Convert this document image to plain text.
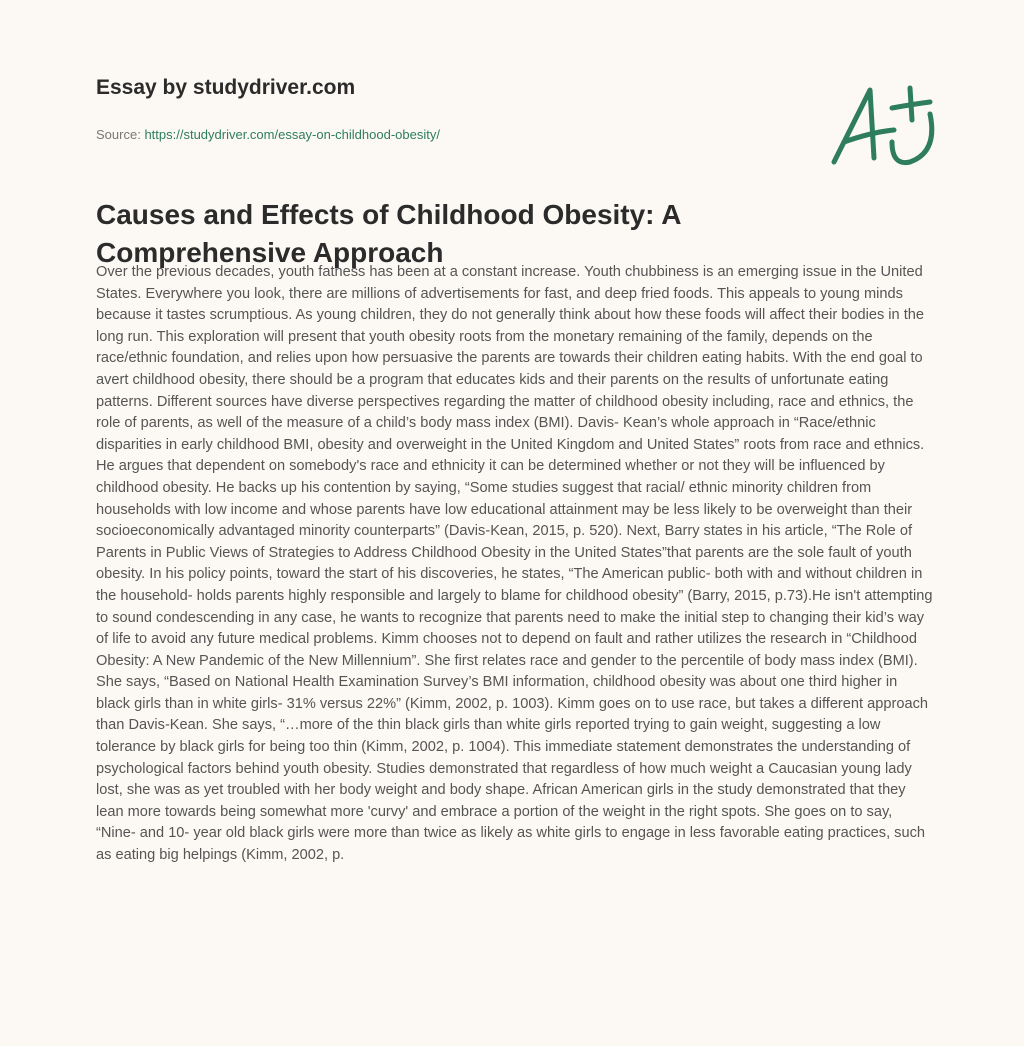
Essay by studydriver.com
Source: https://studydriver.com/essay-on-childhood-obesity/
Causes and Effects of Childhood Obesity: A Comprehensive Approach

Over the previous decades, youth fatness has been at a constant increase. Youth chubbiness is an emerging issue in the United States. Everywhere you look, there are millions of advertisements for fast, and deep fried foods. This appeals to young minds because it tastes scrumptious. As young children, they do not generally think about how these foods will affect their bodies in the long run. This exploration will present that youth obesity roots from the monetary remaining of the family, depends on the race/ethnic foundation, and relies upon how persuasive the parents are towards their children eating habits. With the end goal to avert childhood obesity, there should be a program that educates kids and their parents on the results of unfortunate eating patterns. Different sources have diverse perspectives regarding the matter of childhood obesity including, race and ethnics, the role of parents, as well of the measure of a child’s body mass index (BMI). Davis- Kean’s whole approach in “Race/ethnic disparities in early childhood BMI, obesity and overweight in the United Kingdom and United States” roots from race and ethnics. He argues that dependent on somebody's race and ethnicity it can be determined whether or not they will be influenced by childhood obesity. He backs up his contention by saying, “Some studies suggest that racial/ ethnic minority children from households with low income and whose parents have low educational attainment may be less likely to be overweight than their socioeconomically advantaged minority counterparts” (Davis-Kean, 2015, p. 520). Next, Barry states in his article, “The Role of Parents in Public Views of Strategies to Address Childhood Obesity in the United States”that parents are the sole fault of youth obesity. In his policy points, toward the start of his discoveries, he states, “The American public- both with and without children in the household- holds parents highly responsible and largely to blame for childhood obesity” (Barry, 2015, p.73).He isn't attempting to sound condescending in any case, he wants to recognize that parents need to make the initial step to changing their kid’s way of life to avoid any future medical problems. Kimm chooses not to depend on fault and rather utilizes the research in “Childhood Obesity: A New Pandemic of the New Millennium”. She first relates race and gender to the percentile of body mass index (BMI). She says, “Based on National Health Examination Survey’s BMI information, childhood obesity was about one third higher in black girls than in white girls- 31% versus 22%” (Kimm, 2002, p. 1003). Kimm goes on to use race, but takes a different approach than Davis-Kean. She says, “…more of the thin black girls than white girls reported trying to gain weight, suggesting a low tolerance by black girls for being too thin (Kimm, 2002, p. 1004). This immediate statement demonstrates the understanding of psychological factors behind youth obesity. Studies demonstrated that regardless of how much weight a Caucasian young lady lost, she was as yet troubled with her body weight and body shape. African American girls in the study demonstrated that they lean more towards being somewhat more 'curvy' and embrace a portion of the weight in the right spots. She goes on to say, “Nine- and 10- year old black girls were more than twice as likely as white girls to engage in less favorable eating practices, such as eating big helpings (Kimm, 2002, p.
